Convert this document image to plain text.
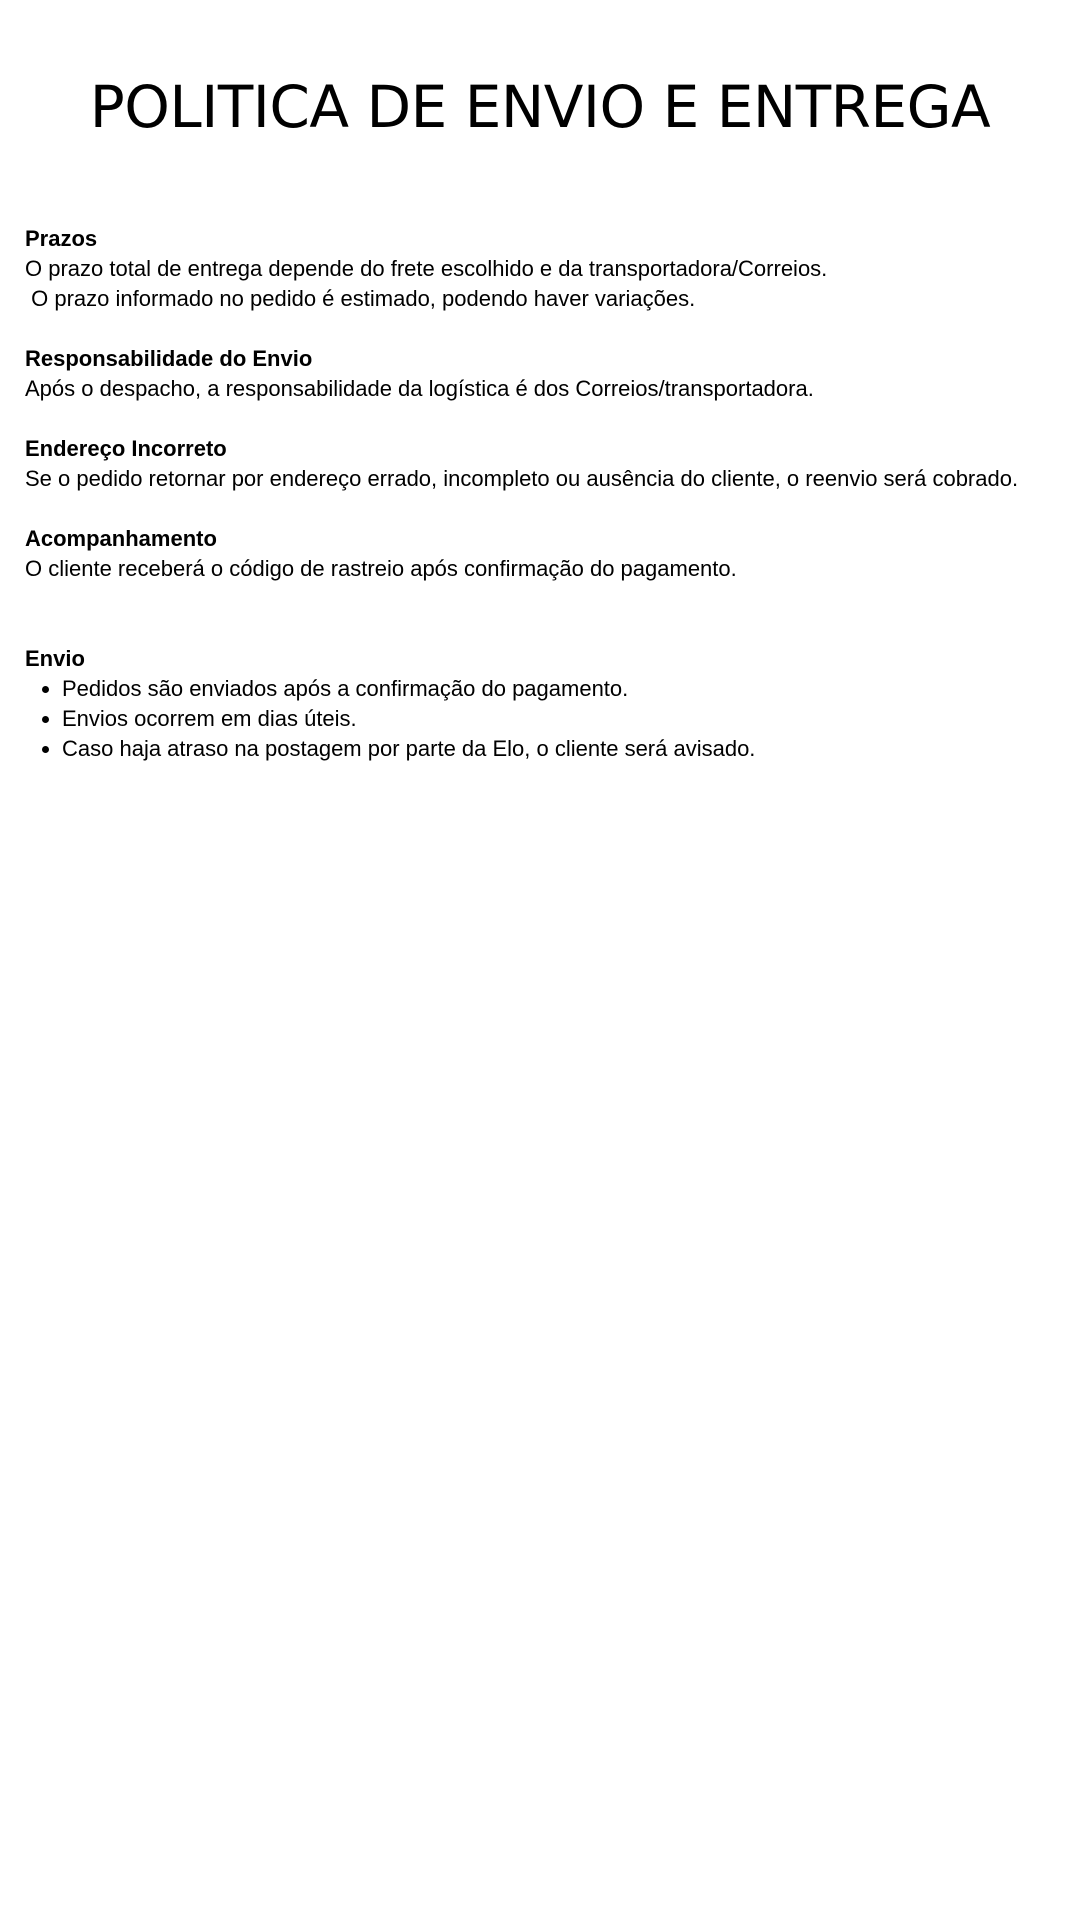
POLITICA DE ENVIO E ENTREGA
Prazos

O prazo total de entrega depende do frete escolhido e da transportadora/Correios.
O prazo informado no pedido é estimado, podendo haver variações.

Responsabilidade do Envio

Após o despacho, a responsabilidade da logística é dos Correios/transportadora.

Endereço Incorreto

Se o pedido retornar por endereço errado, incompleto ou ausência do cliente, o reenvio será cobrado.

Acompanhamento

O cliente receberá o código de rastreio após confirmação do pagamento.

Envio
• Pedidos são enviados após a confirmação do pagamento.
• Envios ocorrem em dias úteis.
• Caso haja atraso na postagem por parte da Elo, o cliente será avisado.
